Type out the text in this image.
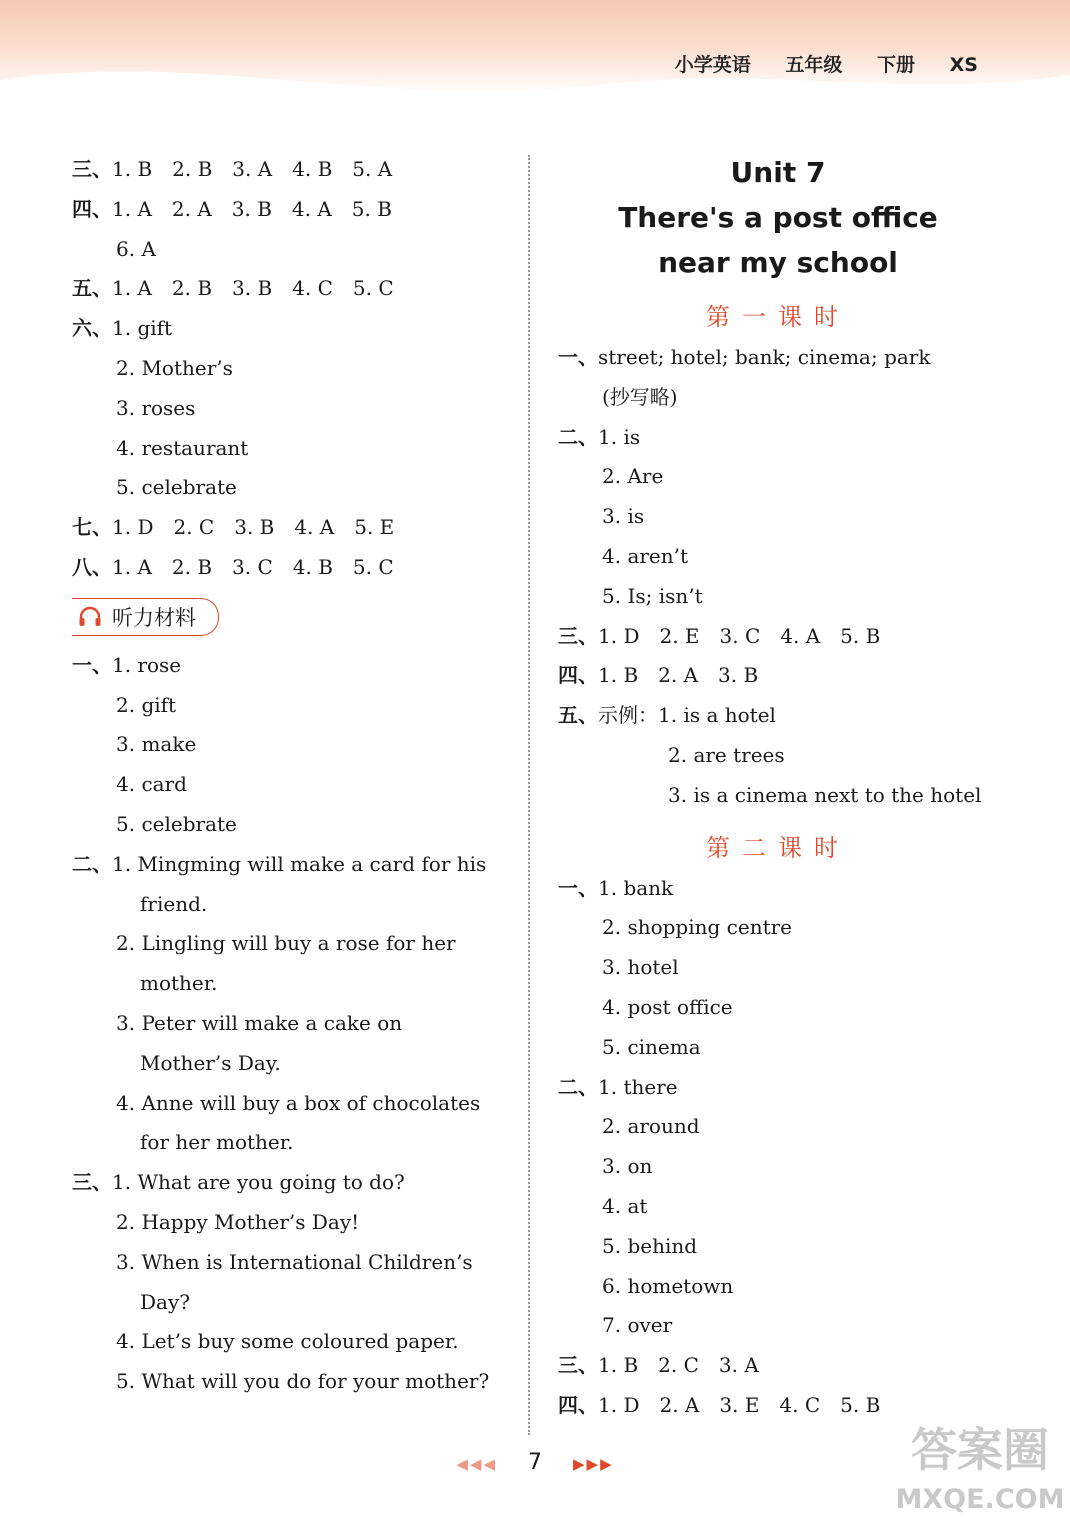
小学英语 五年级 下册 XS
三、1. B　2. B　3. A　4. B　5. A
四、1. A　2. A　3. B　4. A　5. B
6. A
五、1. A　2. B　3. B　4. C　5. C
六、1. gift
2. Mother’s
3. roses
4. restaurant
5. celebrate
七、1. D　2. C　3. B　4. A　5. E
八、1. A　2. B　3. C　4. B　5. C
听力材料
一、1. rose
2. gift
3. make
4. card
5. celebrate
二、1. Mingming will make a card for his
friend.
2. Lingling will buy a rose for her
mother.
3. Peter will make a cake on
Mother’s Day.
4. Anne will buy a box of chocolates
for her mother.
三、1. What are you going to do?
2. Happy Mother’s Day!
3. When is International Children’s
Day?
4. Let’s buy some coloured paper.
5. What will you do for your mother?
Unit 7
There's a post office
near my school
第一课时
一、street; hotel; bank; cinema; park
(抄写略)
二、1. is
2. Are
3. is
4. aren’t
5. Is; isn’t
三、1. D　2. E　3. C　4. A　5. B
四、1. B　2. A　3. B
五、示例：1. is a hotel
2. are trees
3. is a cinema next to the hotel
第二课时
一、1. bank
2. shopping centre
3. hotel
4. post office
5. cinema
二、1. there
2. around
3. on
4. at
5. behind
6. hometown
7. over
三、1. B　2. C　3. A
四、1. D　2. A　3. E　4. C　5. B
◀◀◀ 7 ▶▶▶	答案圈
MXQE.COM
